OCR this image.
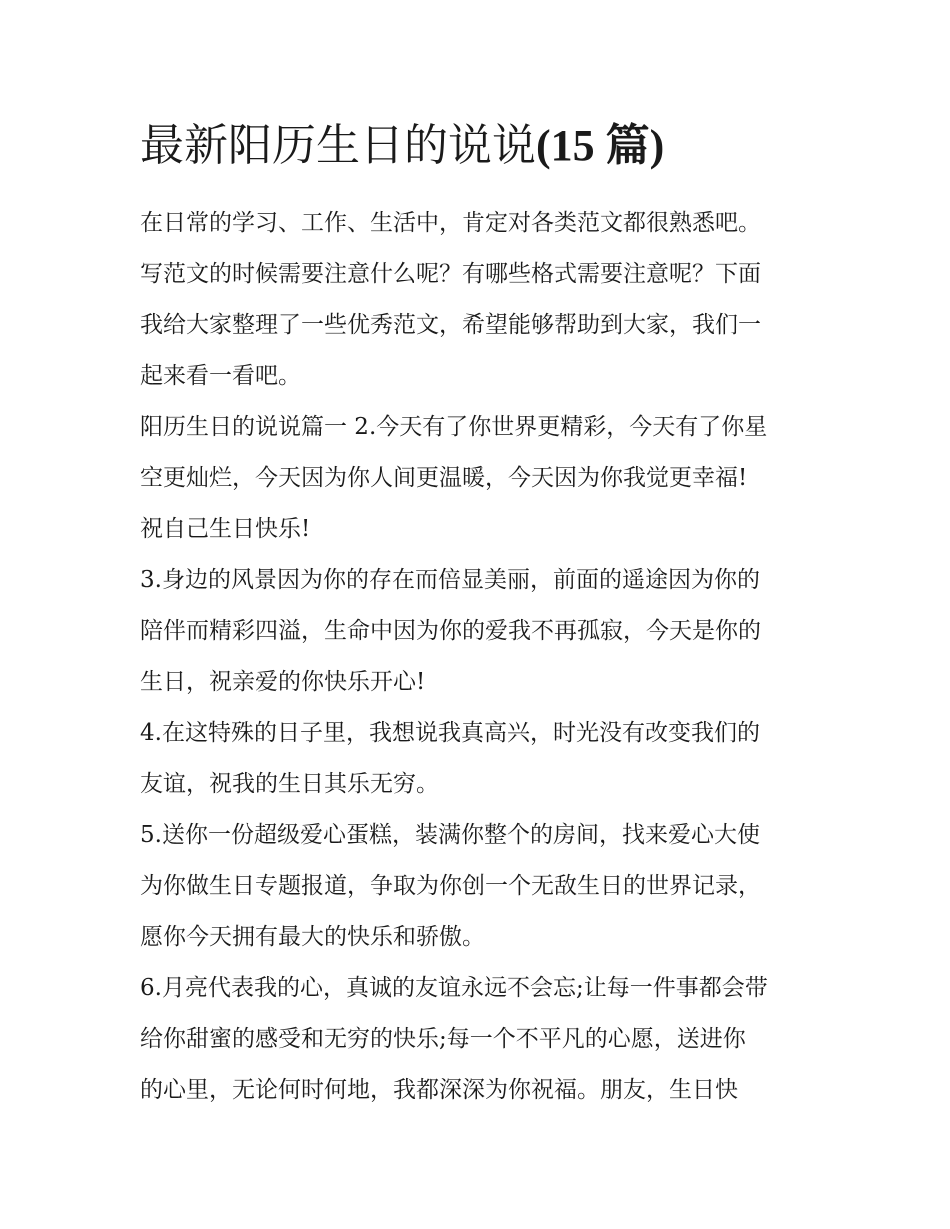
最新阳历生日的说说(15 篇)

在日常的学习、工作、生活中，肯定对各类范文都很熟悉吧。
写范文的时候需要注意什么呢？有哪些格式需要注意呢？下面
我给大家整理了一些优秀范文，希望能够帮助到大家，我们一
起来看一看吧。

阳历生日的说说篇一 2.今天有了你世界更精彩，今天有了你星
空更灿烂，今天因为你人间更温暖，今天因为你我觉更幸福!
祝自己生日快乐!

3.身边的风景因为你的存在而倍显美丽，前面的遥途因为你的
陪伴而精彩四溢，生命中因为你的爱我不再孤寂，今天是你的
生日，祝亲爱的你快乐开心!

4.在这特殊的日子里，我想说我真高兴，时光没有改变我们的
友谊，祝我的生日其乐无穷。

5.送你一份超级爱心蛋糕，装满你整个的房间，找来爱心大使
为你做生日专题报道，争取为你创一个无敌生日的世界记录，
愿你今天拥有最大的快乐和骄傲。

6.月亮代表我的心，真诚的友谊永远不会忘;让每一件事都会带
给你甜蜜的感受和无穷的快乐;每一个不平凡的心愿，送进你
的心里，无论何时何地，我都深深为你祝福。朋友，生日快
